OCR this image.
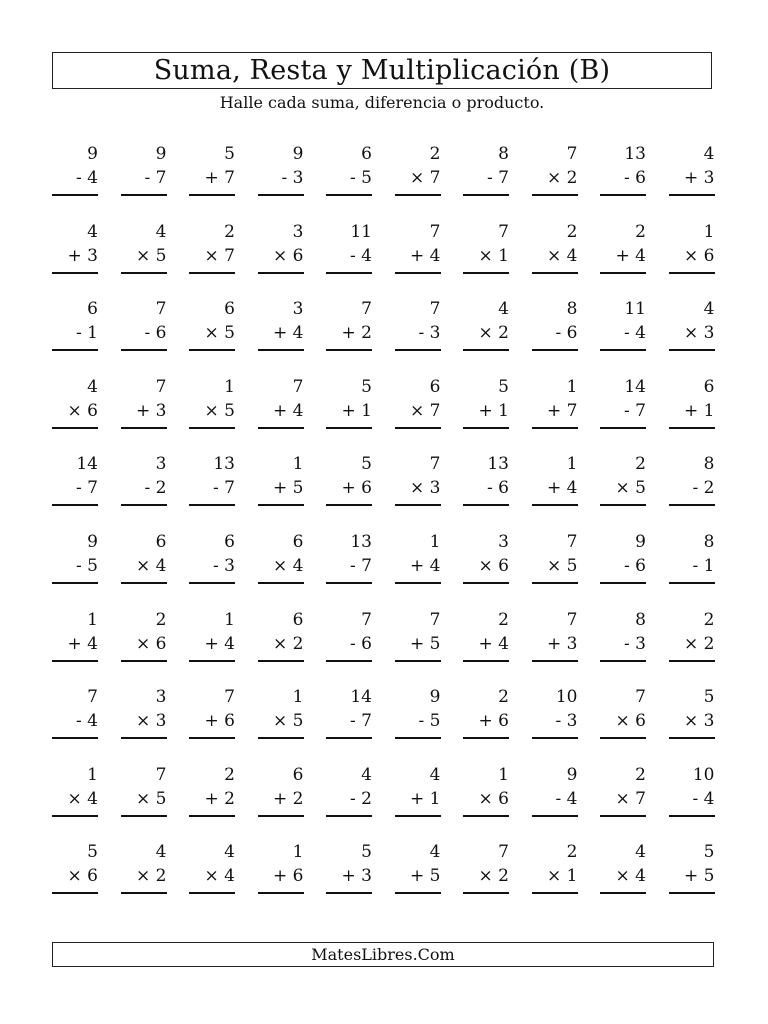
Suma, Resta y Multiplicación (B)
Halle cada suma, diferencia o producto.
9
- 4
9
- 7
5
+ 7
9
- 3
6
- 5
2
× 7
8
- 7
7
× 2
13
- 6
4
+ 3
4
+ 3
4
× 5
2
× 7
3
× 6
11
- 4
7
+ 4
7
× 1
2
× 4
2
+ 4
1
× 6
6
- 1
7
- 6
6
× 5
3
+ 4
7
+ 2
7
- 3
4
× 2
8
- 6
11
- 4
4
× 3
4
× 6
7
+ 3
1
× 5
7
+ 4
5
+ 1
6
× 7
5
+ 1
1
+ 7
14
- 7
6
+ 1
14
- 7
3
- 2
13
- 7
1
+ 5
5
+ 6
7
× 3
13
- 6
1
+ 4
2
× 5
8
- 2
9
- 5
6
× 4
6
- 3
6
× 4
13
- 7
1
+ 4
3
× 6
7
× 5
9
- 6
8
- 1
1
+ 4
2
× 6
1
+ 4
6
× 2
7
- 6
7
+ 5
2
+ 4
7
+ 3
8
- 3
2
× 2
7
- 4
3
× 3
7
+ 6
1
× 5
14
- 7
9
- 5
2
+ 6
10
- 3
7
× 6
5
× 3
1
× 4
7
× 5
2
+ 2
6
+ 2
4
- 2
4
+ 1
1
× 6
9
- 4
2
× 7
10
- 4
5
× 6
4
× 2
4
× 4
1
+ 6
5
+ 3
4
+ 5
7
× 2
2
× 1
4
× 4
5
+ 5
MatesLibres.Com
